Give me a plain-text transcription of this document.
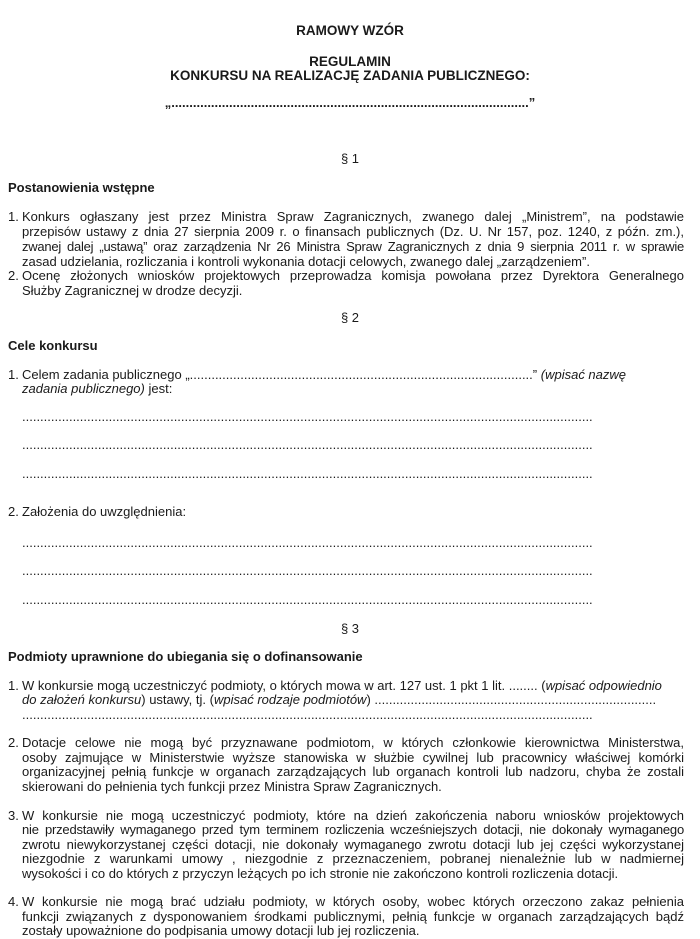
RAMOWY WZÓR
REGULAMIN
KONKURSU NA REALIZACJĘ ZADANIA PUBLICZNEGO:
„...................................................................................................”
§ 1
Postanowienia wstępne
1. Konkurs ogłaszany jest przez Ministra Spraw Zagranicznych, zwanego dalej „Ministrem”, na podstawie
przepisów ustawy z dnia 27 sierpnia 2009 r. o finansach publicznych (Dz. U. Nr 157, poz. 1240, z późn. zm.),
zwanej dalej „ustawą” oraz zarządzenia Nr 26 Ministra Spraw Zagranicznych z dnia 9 sierpnia 2011 r. w sprawie
zasad udzielania, rozliczania i kontroli wykonania dotacji celowych, zwanego dalej „zarządzeniem”.
2. Ocenę złożonych wniosków projektowych przeprowadza komisja powołana przez Dyrektora Generalnego
Służby Zagranicznej w drodze decyzji.
§ 2
Cele konkursu
1. Celem zadania publicznego „...............................................................................................” (wpisać nazwę
zadania publicznego) jest:
..............................................................................................................................................................
..............................................................................................................................................................
..............................................................................................................................................................
2. Założenia do uwzględnienia:
..............................................................................................................................................................
..............................................................................................................................................................
..............................................................................................................................................................
§ 3
Podmioty uprawnione do ubiegania się o dofinansowanie
1. W konkursie mogą uczestniczyć podmioty, o których mowa w art. 127 ust. 1 pkt 1 lit. ........ (wpisać odpowiednio
do założeń konkursu) ustawy, tj. (wpisać rodzaje podmiotów) ..............................................................................
..............................................................................................................................................................
2. Dotacje celowe nie mogą być przyznawane podmiotom, w których członkowie kierownictwa Ministerstwa,
osoby zajmujące w Ministerstwie wyższe stanowiska w służbie cywilnej lub pracownicy właściwej komórki
organizacyjnej pełnią funkcje w organach zarządzających lub organach kontroli lub nadzoru, chyba że zostali
skierowani do pełnienia tych funkcji przez Ministra Spraw Zagranicznych.
3. W konkursie nie mogą uczestniczyć podmioty, które na dzień zakończenia naboru wniosków projektowych
nie przedstawiły wymaganego przed tym terminem rozliczenia wcześniejszych dotacji, nie dokonały wymaganego
zwrotu niewykorzystanej części dotacji, nie dokonały wymaganego zwrotu dotacji lub jej części wykorzystanej
niezgodnie z warunkami umowy , niezgodnie z przeznaczeniem, pobranej nienależnie lub w nadmiernej
wysokości i co do których z przyczyn leżących po ich stronie nie zakończono kontroli rozliczenia dotacji.
4. W konkursie nie mogą brać udziału podmioty, w których osoby, wobec których orzeczono zakaz pełnienia
funkcji związanych z dysponowaniem środkami publicznymi, pełnią funkcje w organach zarządzających bądź
zostały upoważnione do podpisania umowy dotacji lub jej rozliczenia.
